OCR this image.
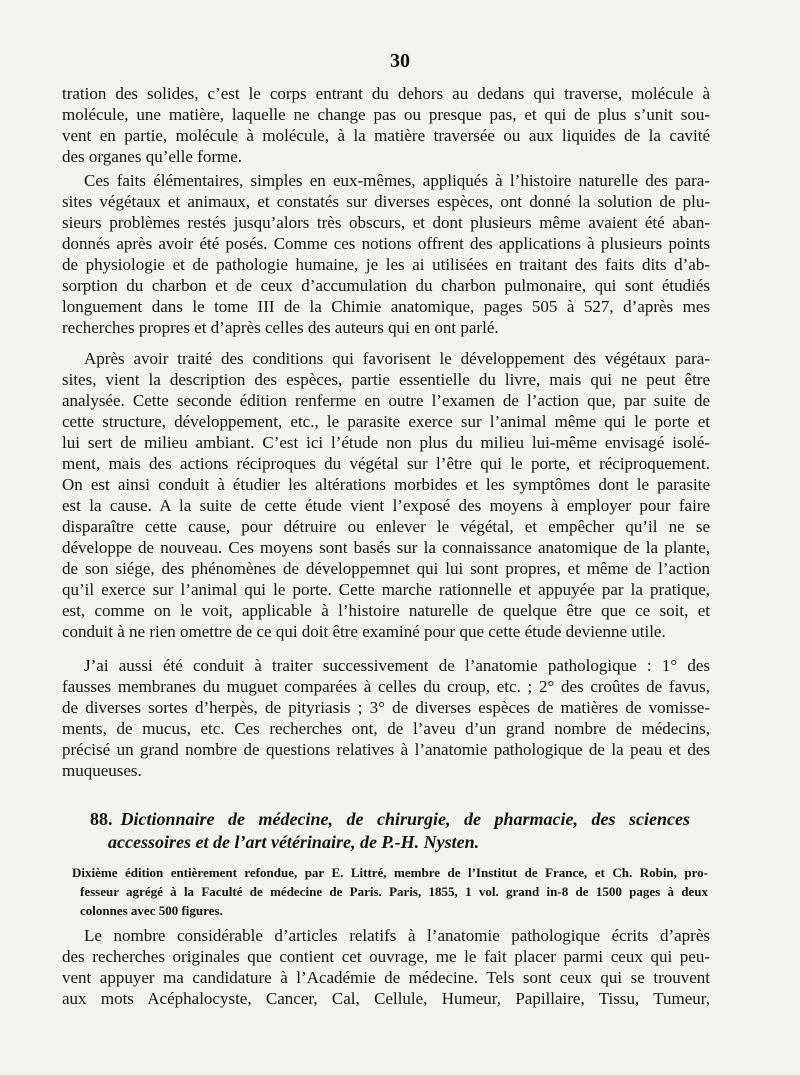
30
tration des solides, c’est le corps entrant du dehors au dedans qui traverse, molécule à
molécule, une matière, laquelle ne change pas ou presque pas, et qui de plus s’unit sou-
vent en partie, molécule à molécule, à la matière traversée ou aux liquides de la cavité
des organes qu’elle forme.
Ces faits élémentaires, simples en eux-mêmes, appliqués à l’histoire naturelle des para-
sites végétaux et animaux, et constatés sur diverses espèces, ont donné la solution de plu-
sieurs problèmes restés jusqu’alors très obscurs, et dont plusieurs même avaient été aban-
donnés après avoir été posés. Comme ces notions offrent des applications à plusieurs points
de physiologie et de pathologie humaine, je les ai utilisées en traitant des faits dits d’ab-
sorption du charbon et de ceux d’accumulation du charbon pulmonaire, qui sont étudiés
longuement dans le tome III de la Chimie anatomique, pages 505 à 527, d’après mes
recherches propres et d’après celles des auteurs qui en ont parlé.
Après avoir traité des conditions qui favorisent le développement des végétaux para-
sites, vient la description des espèces, partie essentielle du livre, mais qui ne peut être
analysée. Cette seconde édition renferme en outre l’examen de l’action que, par suite de
cette structure, développement, etc., le parasite exerce sur l’animal même qui le porte et
lui sert de milieu ambiant. C’est ici l’étude non plus du milieu lui-même envisagé isolé-
ment, mais des actions réciproques du végétal sur l’être qui le porte, et réciproquement.
On est ainsi conduit à étudier les altérations morbides et les symptômes dont le parasite
est la cause. A la suite de cette étude vient l’exposé des moyens à employer pour faire
disparaître cette cause, pour détruire ou enlever le végétal, et empêcher qu’il ne se
développe de nouveau. Ces moyens sont basés sur la connaissance anatomique de la plante,
de son siége, des phénomènes de développemnet qui lui sont propres, et même de l’action
qu’il exerce sur l’animal qui le porte. Cette marche rationnelle et appuyée par la pratique,
est, comme on le voit, applicable à l’histoire naturelle de quelque être que ce soit, et
conduit à ne rien omettre de ce qui doit être examiné pour que cette étude devienne utile.
J’ai aussi été conduit à traiter successivement de l’anatomie pathologique : 1° des
fausses membranes du muguet comparées à celles du croup, etc. ; 2° des croûtes de favus,
de diverses sortes d’herpès, de pityriasis ; 3° de diverses espèces de matières de vomisse-
ments, de mucus, etc. Ces recherches ont, de l’aveu d’un grand nombre de médecins,
précisé un grand nombre de questions relatives à l’anatomie pathologique de la peau et des
muqueuses.
88. Dictionnaire de médecine, de chirurgie, de pharmacie, des sciences
accessoires et de l’art vétérinaire, de P.-H. Nysten.
Dixième édition entièrement refondue, par E. Littré, membre de l’Institut de France, et Ch. Robin, pro-
fesseur agrégé à la Faculté de médecine de Paris. Paris, 1855, 1 vol. grand in-8 de 1500 pages à deux
colonnes avec 500 figures.
Le nombre considérable d’articles relatifs à l’anatomie pathologique écrits d’après
des recherches originales que contient cet ouvrage, me le fait placer parmi ceux qui peu-
vent appuyer ma candidature à l’Académie de médecine. Tels sont ceux qui se trouvent
aux mots Acéphalocyste, Cancer, Cal, Cellule, Humeur, Papillaire, Tissu, Tumeur,
